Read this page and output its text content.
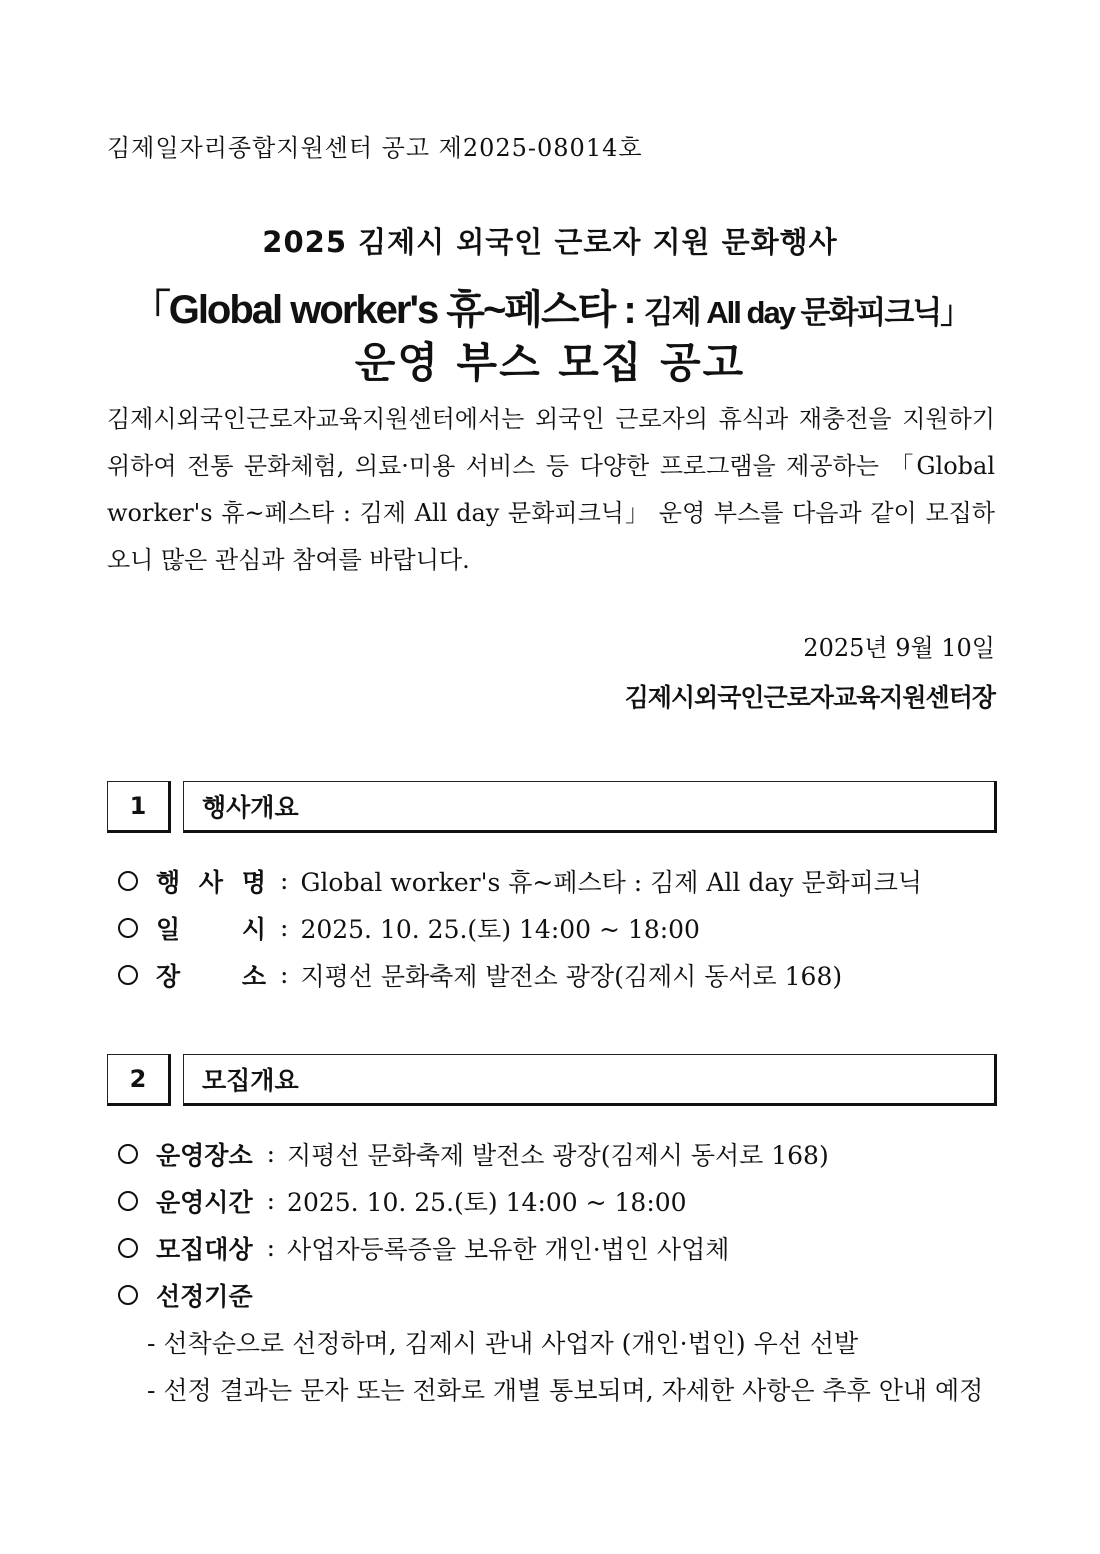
김제일자리종합지원센터 공고 제2025-08014호
2025 김제시 외국인 근로자 지원 문화행사
「Global worker's 휴~페스타 : 김제 All day 문화피크닉」
운영 부스 모집 공고

김제시외국인근로자교육지원센터에서는 외국인 근로자의 휴식과 재충전을 지원하기 위하여 전통 문화체험, 의료·미용 서비스 등 다양한 프로그램을 제공하는 「Global worker's 휴~페스타 : 김제 All day 문화피크닉」 운영 부스를 다음과 같이 모집하오니 많은 관심과 참여를 바랍니다.

2025년 9월 10일
김제시외국인근로자교육지원센터장
1	행사개요
행 사 명 : Global worker's 휴~페스타 : 김제 All day 문화피크닉
일 시 : 2025. 10. 25.(토) 14:00 ~ 18:00
장 소 : 지평선 문화축제 발전소 광장(김제시 동서로 168)
2	모집개요
운영장소 : 지평선 문화축제 발전소 광장(김제시 동서로 168)
운영시간 : 2025. 10. 25.(토) 14:00 ~ 18:00
모집대상 : 사업자등록증을 보유한 개인·법인 사업체
선정기준
- 선착순으로 선정하며, 김제시 관내 사업자 (개인·법인) 우선 선발
- 선정 결과는 문자 또는 전화로 개별 통보되며, 자세한 사항은 추후 안내 예정
